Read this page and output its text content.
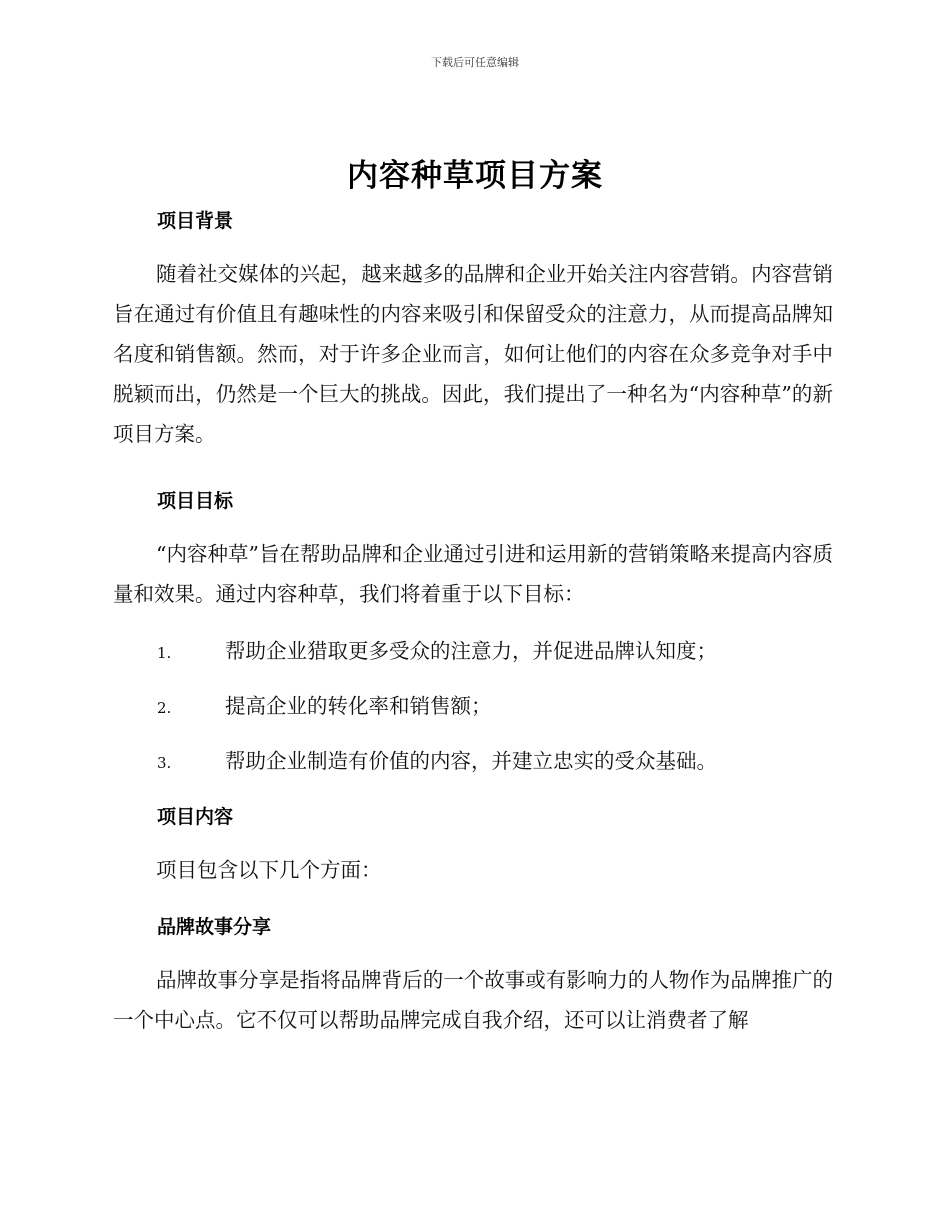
下载后可任意编辑
内容种草项目方案
项目背景

随着社交媒体的兴起，越来越多的品牌和企业开始关注内容营销。内容营销旨在通过有价值且有趣味性的内容来吸引和保留受众的注意力，从而提高品牌知名度和销售额。然而，对于许多企业而言，如何让他们的内容在众多竞争对手中脱颖而出，仍然是一个巨大的挑战。因此，我们提出了一种名为“内容种草”的新项目方案。

项目目标

“内容种草”旨在帮助品牌和企业通过引进和运用新的营销策略来提高内容质量和效果。通过内容种草，我们将着重于以下目标：

1.	帮助企业猎取更多受众的注意力，并促进品牌认知度；
2.	提高企业的转化率和销售额；
3.	帮助企业制造有价值的内容，并建立忠实的受众基础。
项目内容

项目包含以下几个方面：

品牌故事分享

品牌故事分享是指将品牌背后的一个故事或有影响力的人物作为品牌推广的一个中心点。它不仅可以帮助品牌完成自我介绍，还可以让消费者了解
